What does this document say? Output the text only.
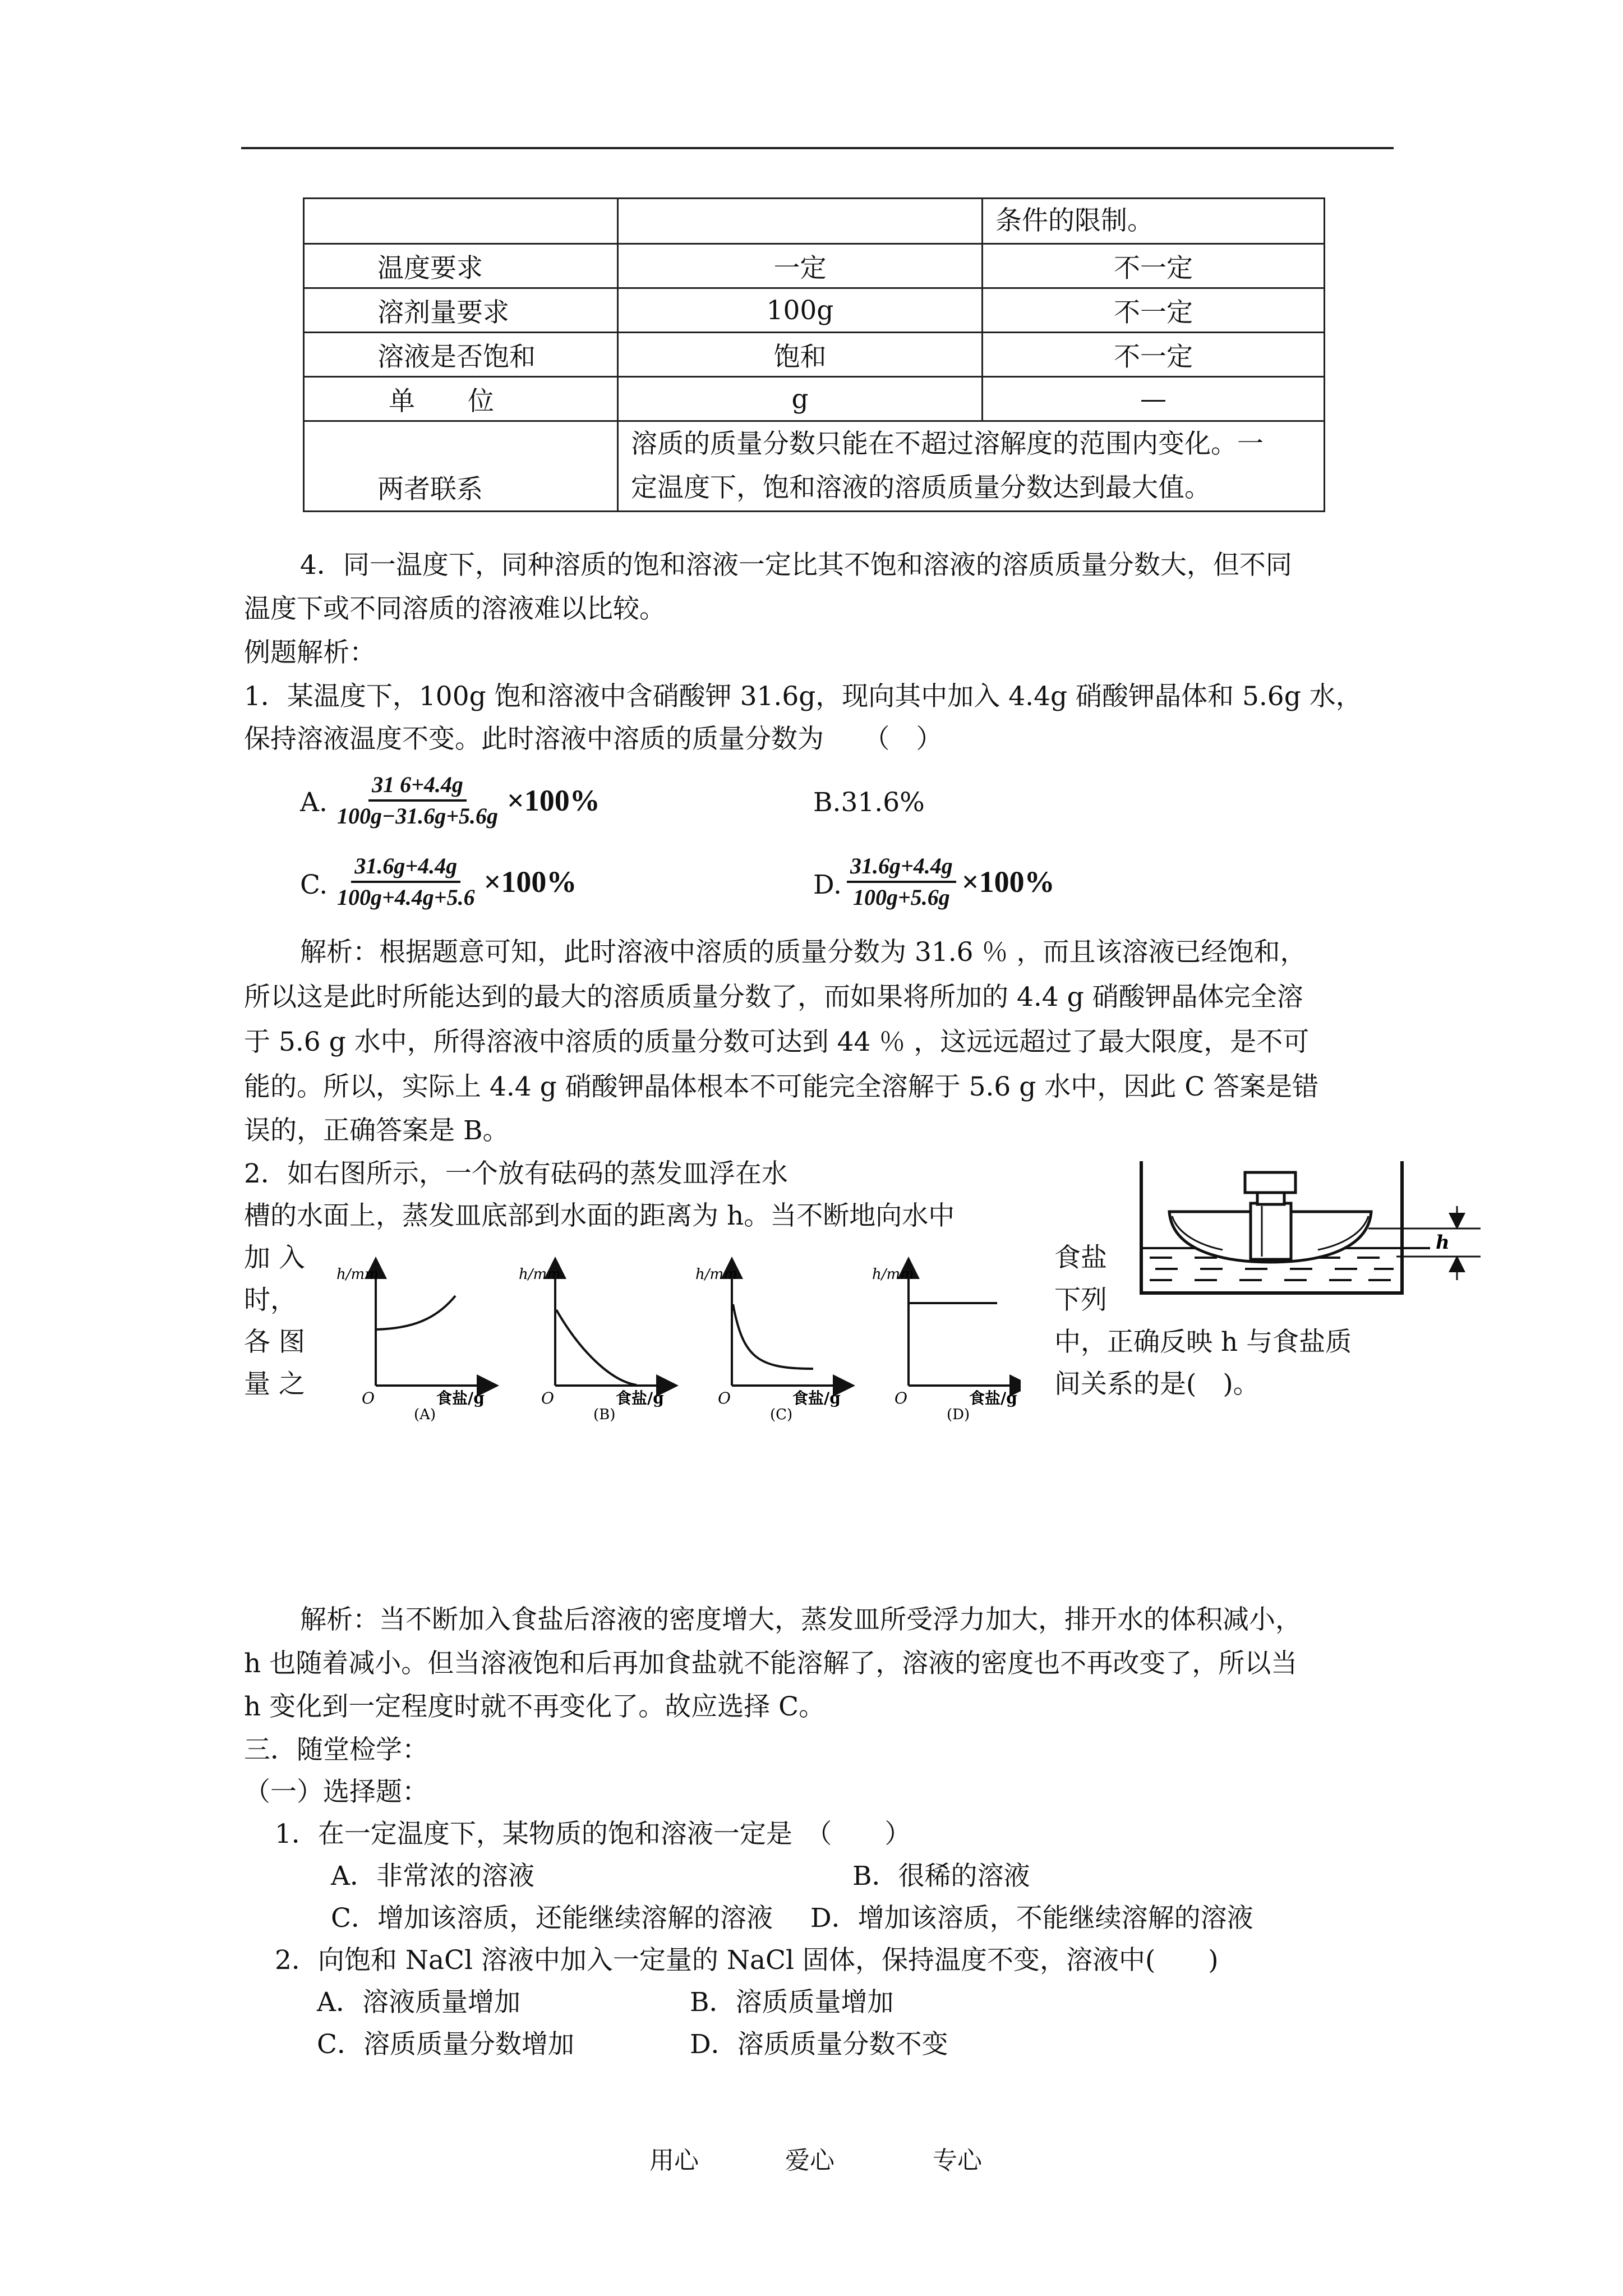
		条件的限制。
温度要求	一定	不一定
溶剂量要求	100g	不一定
溶液是否饱和	饱和	不一定
单　　位	g	—
两者联系	溶质的质量分数只能在不超过溶解度的范围内变化。一
定温度下，饱和溶液的溶质质量分数达到最大值。	
4．同一温度下，同种溶质的饱和溶液一定比其不饱和溶液的溶质质量分数大，但不同
温度下或不同溶质的溶液难以比较。
例题解析：
1．某温度下，100g 饱和溶液中含硝酸钾 31.6g，现向其中加入 4.4g 硝酸钾晶体和 5.6g 水，
保持溶液温度不变。此时溶液中溶质的质量分数为　　（　）
A. $\frac{31 6+4.4g}{100g-31.6g+5.6g} \times 100\%$	B.31.6%
C. $\frac{31.6g+4.4g}{100g+4.4g+5.6} \times 100\%$	D. $\frac{31.6g+4.4g}{100g+5.6g} \times 100\%$
解析：根据题意可知，此时溶液中溶质的质量分数为 31.6 ％ ，而且该溶液已经饱和，
所以这是此时所能达到的最大的溶质质量分数了，而如果将所加的 4.4 g 硝酸钾晶体完全溶
于 5.6 g 水中，所得溶液中溶质的质量分数可达到 44 ％ ，这远远超过了最大限度，是不可
能的。所以，实际上 4.4 g 硝酸钾晶体根本不可能完全溶解于 5.6 g 水中，因此 C 答案是错
误的，正确答案是 B。
2．如右图所示，一个放有砝码的蒸发皿浮在水
槽的水面上，蒸发皿底部到水面的距离为 h。当不断地向水中
加 入
时，
各 图
量 之
食盐
下列
中，正确反映 h 与食盐质
间关系的是(　)。
h/mm
O	食盐/g
(A)
h/mm
O	食盐/g
(B)
h/mm
O	食盐/g
(C)
h/mm
O	食盐/g
(D)
h
解析：当不断加入食盐后溶液的密度增大，蒸发皿所受浮力加大，排开水的体积减小，
h 也随着减小。但当溶液饱和后再加食盐就不能溶解了，溶液的密度也不再改变了，所以当
h 变化到一定程度时就不再变化了。故应选择 C。
三．随堂检学：
（一）选择题：
1．在一定温度下，某物质的饱和溶液一定是　（　　）
A．非常浓的溶液	B．很稀的溶液
C．增加该溶质，还能继续溶解的溶液 D．增加该溶质，不能继续溶解的溶液
2．向饱和 NaCl 溶液中加入一定量的 NaCl 固体，保持温度不变，溶液中(　　)
A．溶液质量增加	B．溶质质量增加
C．溶质质量分数增加	D．溶质质量分数不变
用心	爱心	专心
